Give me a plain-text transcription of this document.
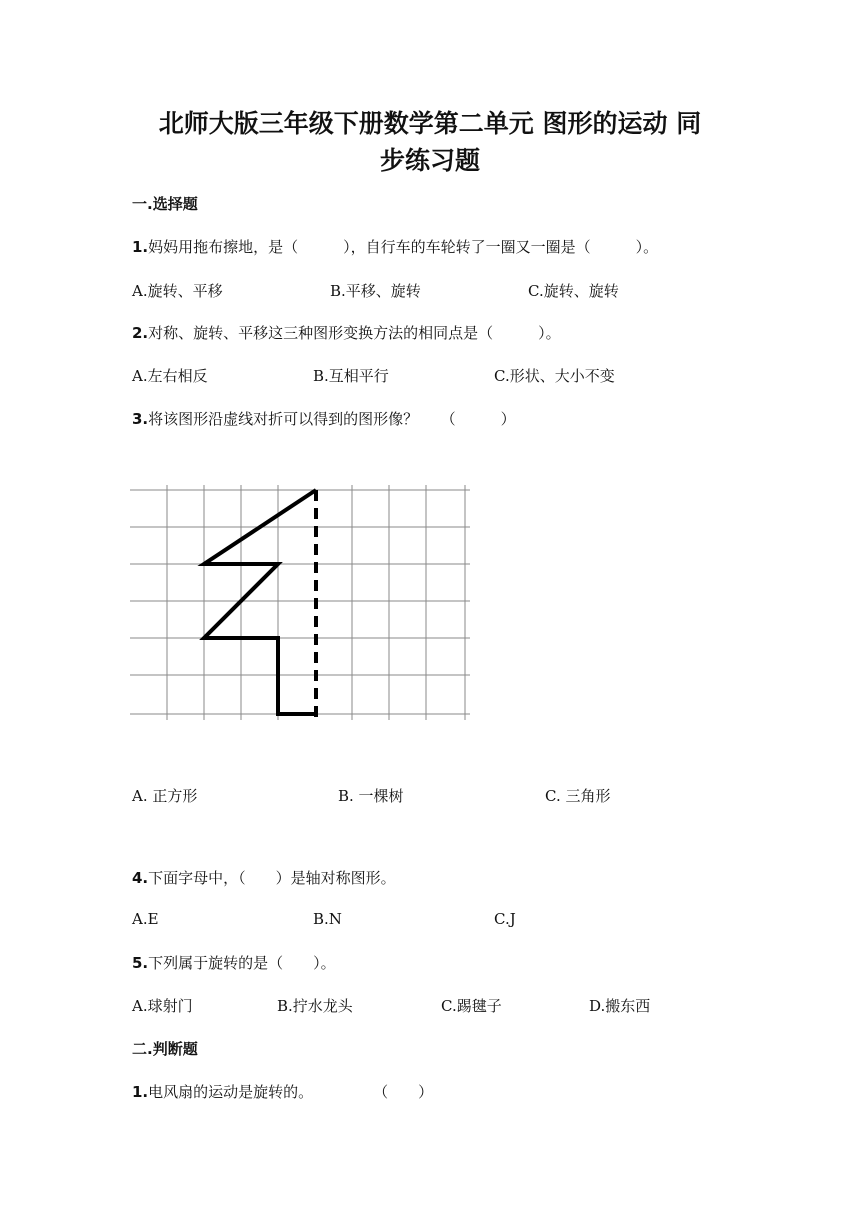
北师大版三年级下册数学第二单元 图形的运动 同
步练习题
一.选择题
1.妈妈用拖布擦地，是（　　　），自行车的车轮转了一圈又一圈是（　　　）。
A.旋转、平移	B.平移、旋转	C.旋转、旋转
2.对称、旋转、平移这三种图形变换方法的相同点是（　　　）。
A.左右相反	B.互相平行	C.形状、大小不变
3.将该图形沿虚线对折可以得到的图形像？　　（　　　）
A. 正方形	B. 一棵树	C. 三角形
4.下面字母中，（　　）是轴对称图形。
A.E	B.N	C.J
5.下列属于旋转的是（　　）。
A.球射门	B.拧水龙头	C.踢毽子	D.搬东西
二.判断题
1.电风扇的运动是旋转的。　　　　　（　　）
